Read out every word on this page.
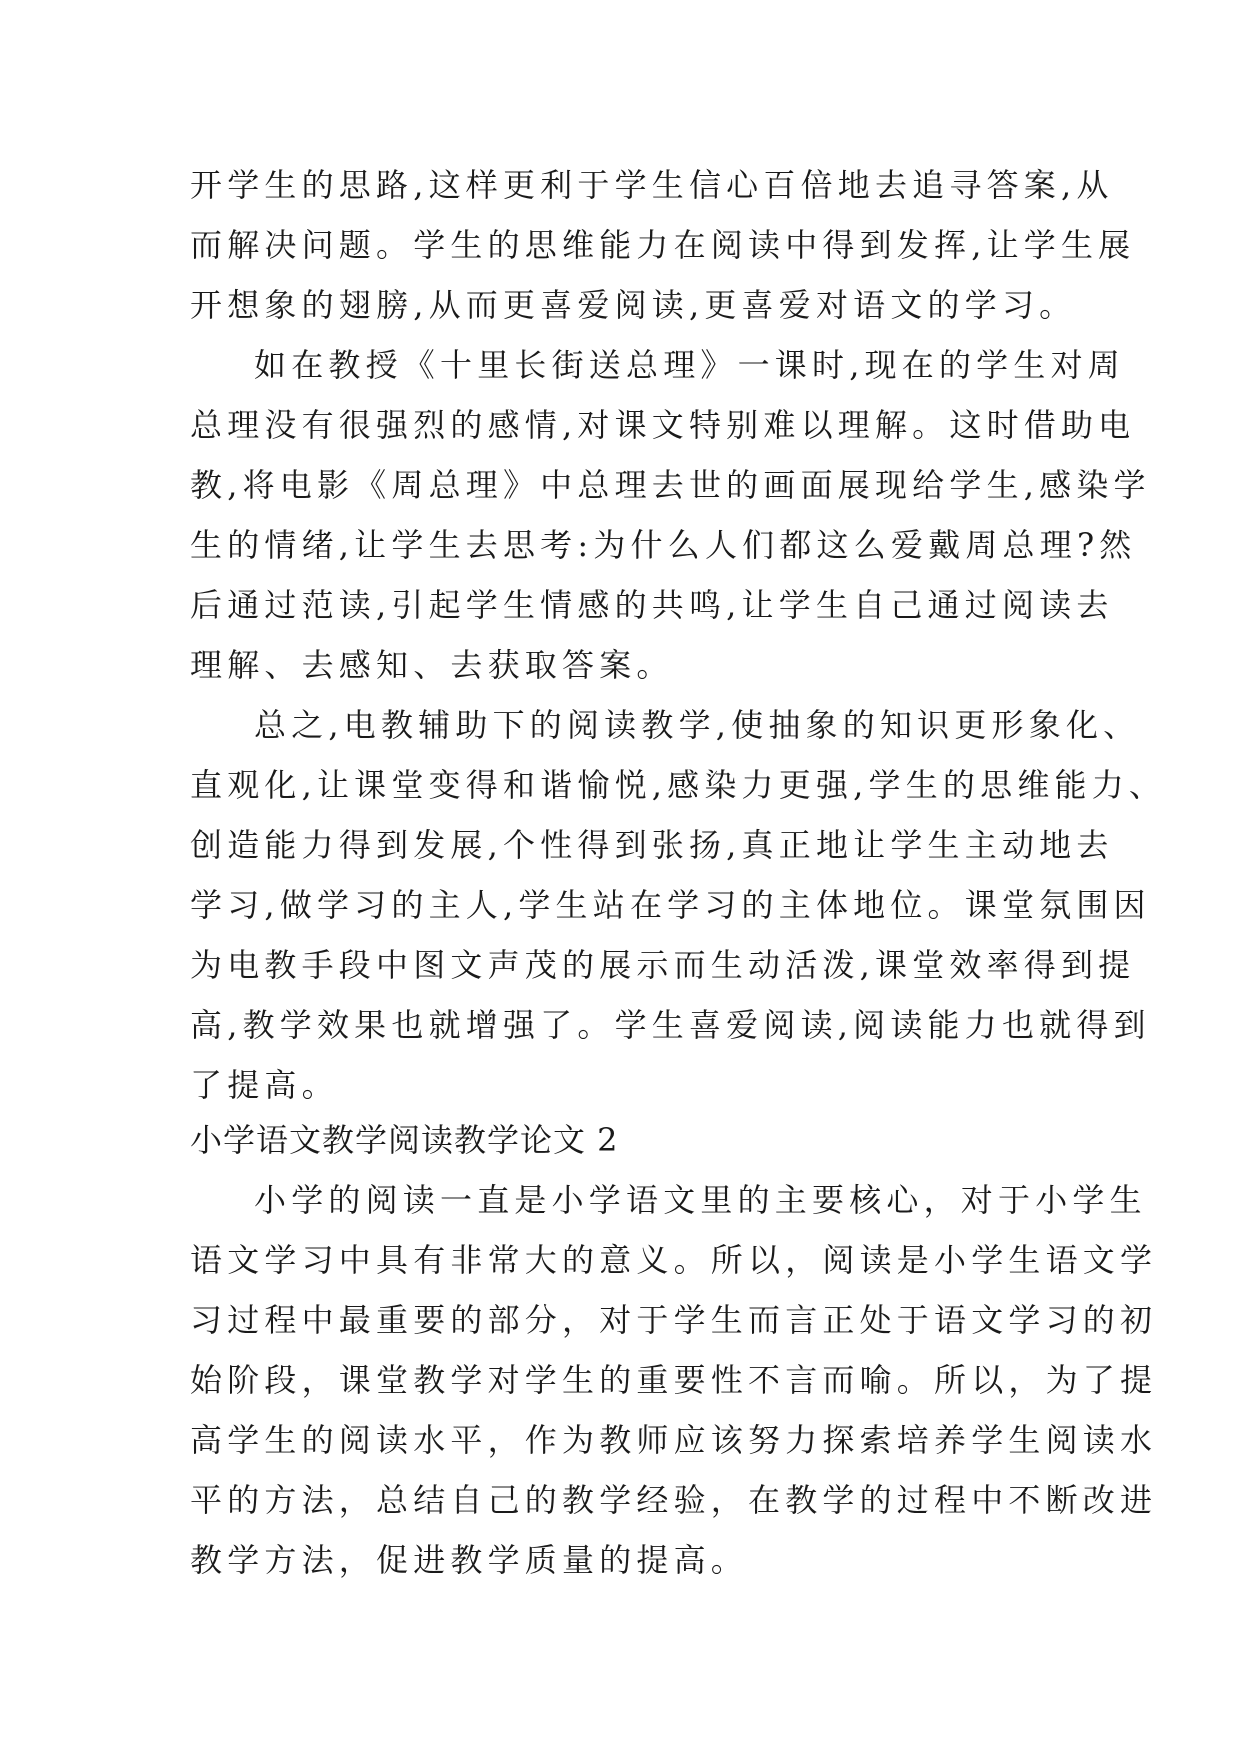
开学生的思路,这样更利于学生信心百倍地去追寻答案,从
而解决问题。学生的思维能力在阅读中得到发挥,让学生展
开想象的翅膀,从而更喜爱阅读,更喜爱对语文的学习。
如在教授《十里长街送总理》一课时,现在的学生对周
总理没有很强烈的感情,对课文特别难以理解。这时借助电
教,将电影《周总理》中总理去世的画面展现给学生,感染学
生的情绪,让学生去思考:为什么人们都这么爱戴周总理?然
后通过范读,引起学生情感的共鸣,让学生自己通过阅读去
理解、去感知、去获取答案。
总之,电教辅助下的阅读教学,使抽象的知识更形象化、
直观化,让课堂变得和谐愉悦,感染力更强,学生的思维能力、
创造能力得到发展,个性得到张扬,真正地让学生主动地去
学习,做学习的主人,学生站在学习的主体地位。课堂氛围因
为电教手段中图文声茂的展示而生动活泼,课堂效率得到提
高,教学效果也就增强了。学生喜爱阅读,阅读能力也就得到
了提高。
小学语文教学阅读教学论文 2
小学的阅读一直是小学语文里的主要核心，对于小学生
语文学习中具有非常大的意义。所以，阅读是小学生语文学
习过程中最重要的部分，对于学生而言正处于语文学习的初
始阶段，课堂教学对学生的重要性不言而喻。所以，为了提
高学生的阅读水平，作为教师应该努力探索培养学生阅读水
平的方法，总结自己的教学经验，在教学的过程中不断改进
教学方法，促进教学质量的提高。
